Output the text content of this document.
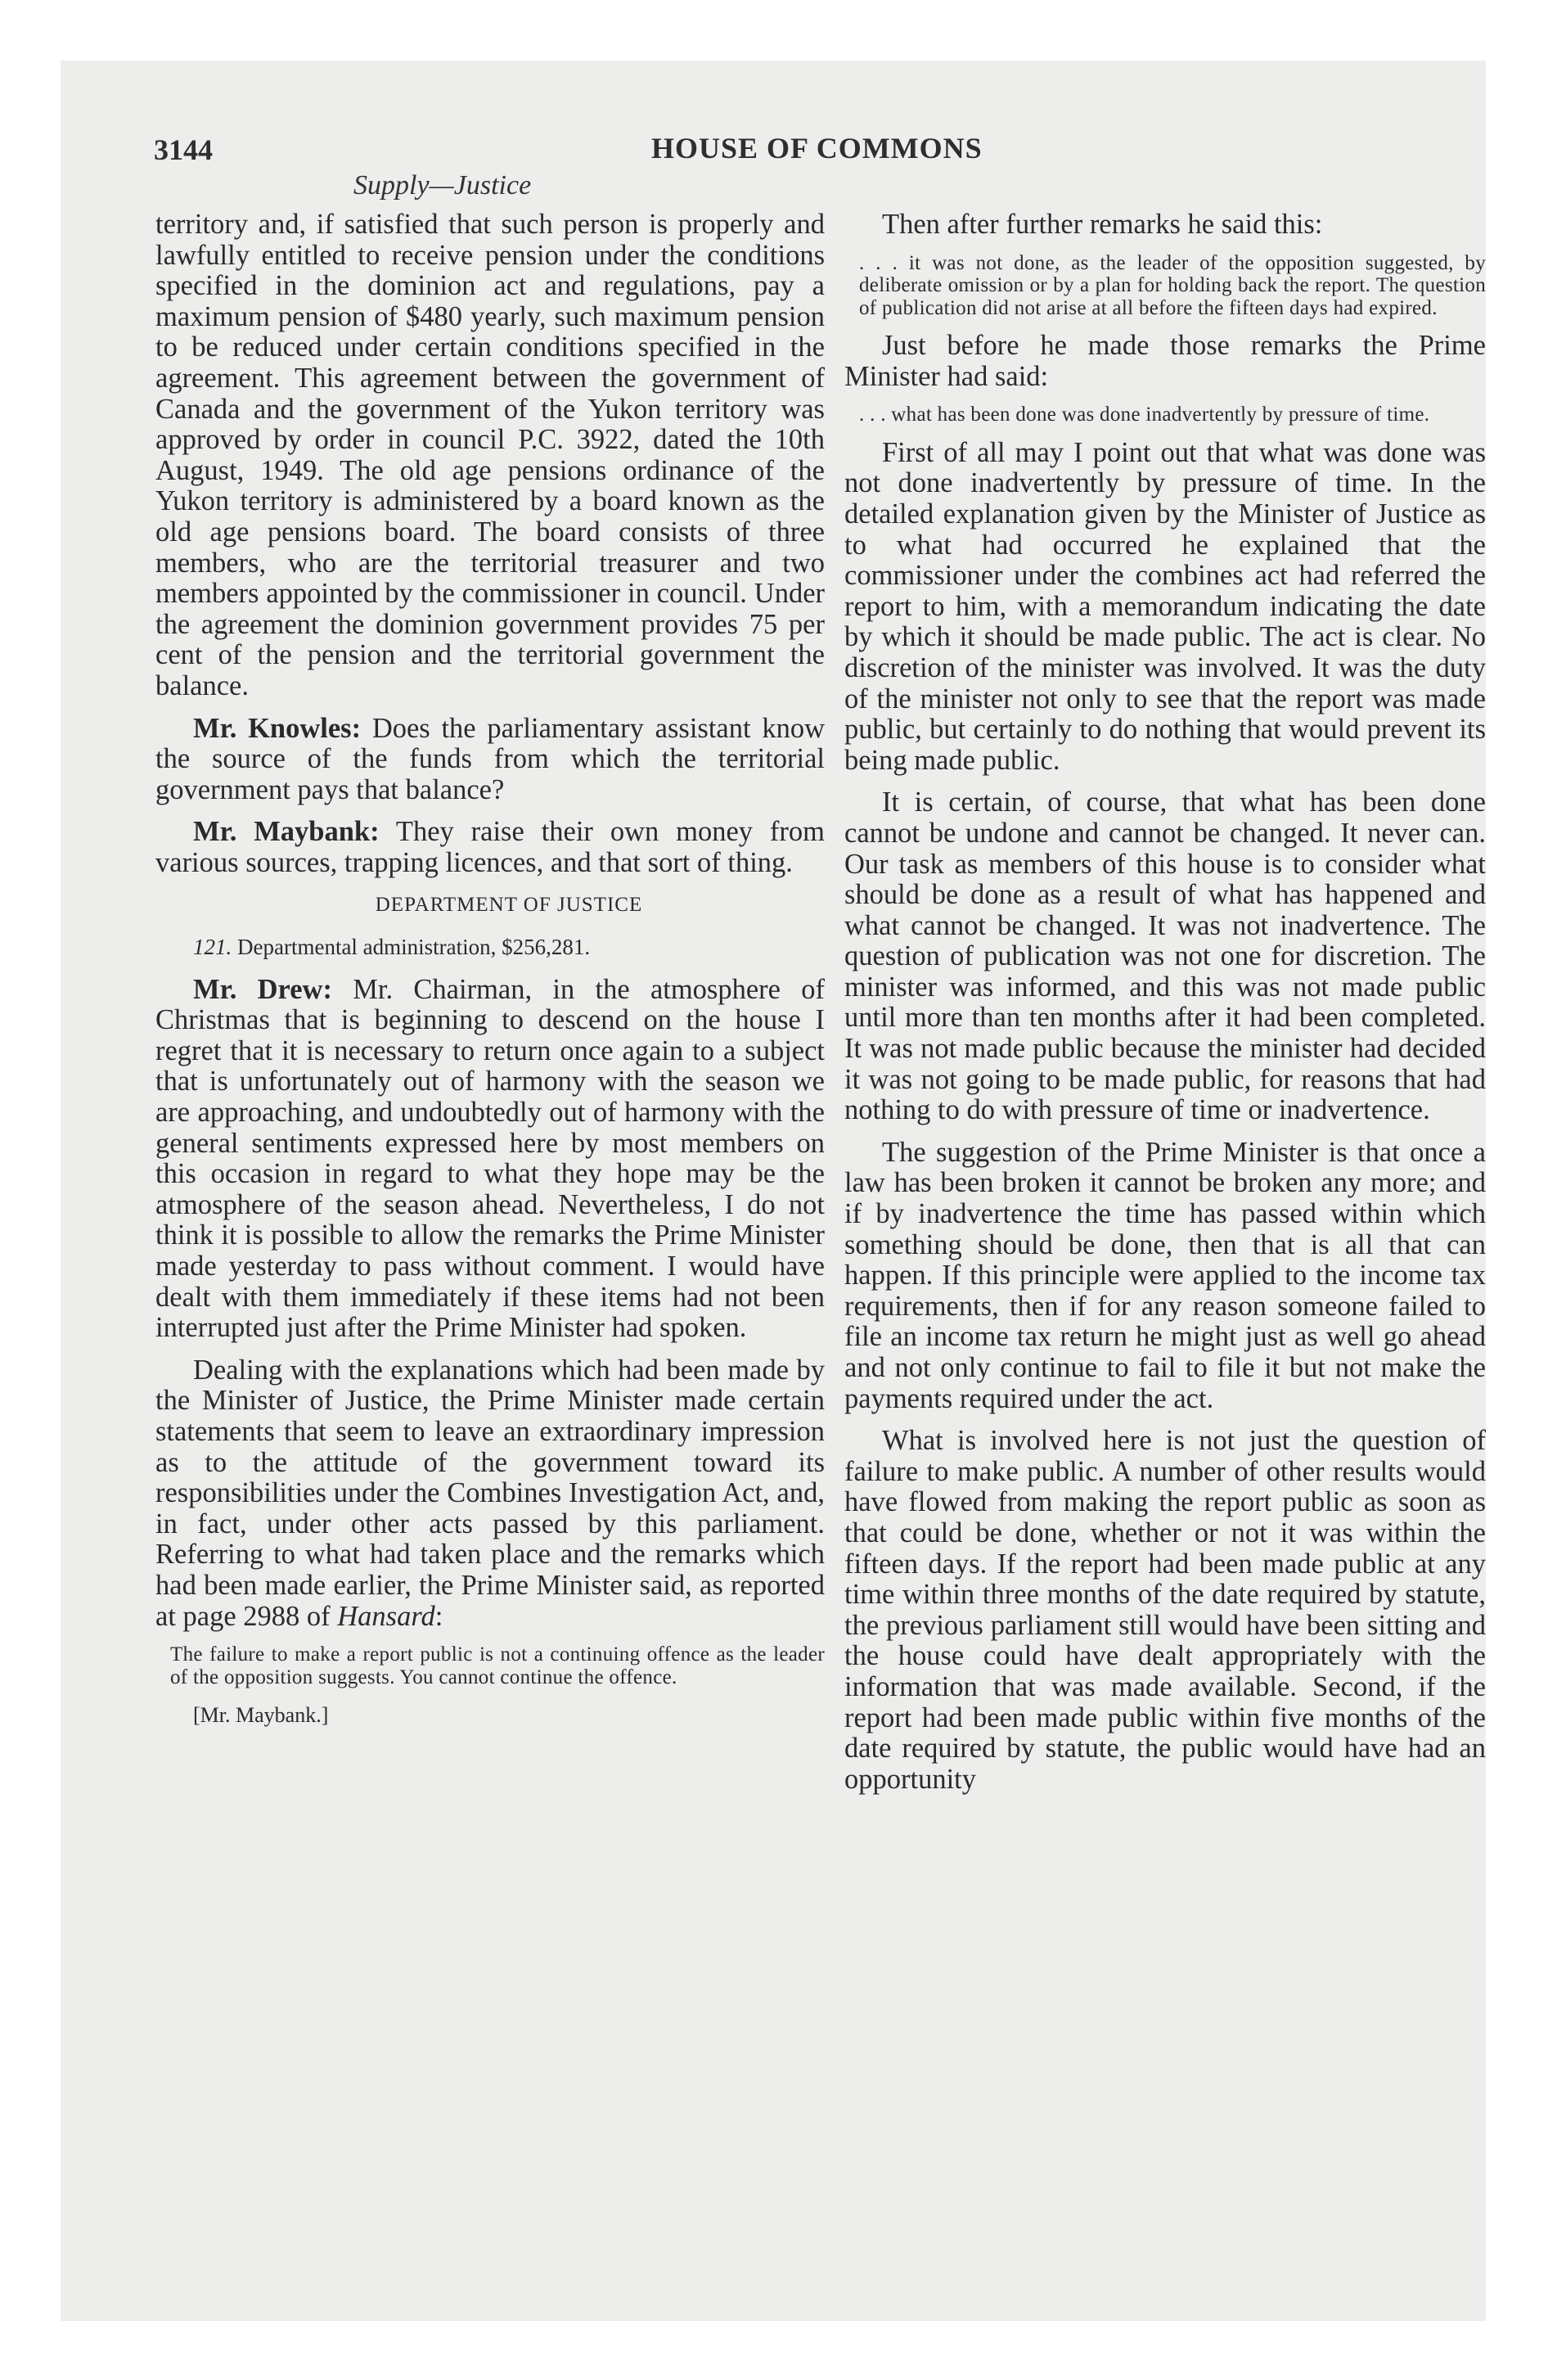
3144	HOUSE OF COMMONS
Supply—Justice

territory and, if satisfied that such person is properly and lawfully entitled to receive pension under the conditions specified in the dominion act and regulations, pay a maximum pension of $480 yearly, such maximum pension to be reduced under certain conditions specified in the agreement. This agreement between the government of Canada and the government of the Yukon territory was approved by order in council P.C. 3922, dated the 10th August, 1949. The old age pensions ordinance of the Yukon territory is administered by a board known as the old age pensions board. The board consists of three members, who are the territorial treasurer and two members appointed by the commissioner in council. Under the agreement the dominion government provides 75 per cent of the pension and the territorial government the balance.

Mr. Knowles: Does the parliamentary assistant know the source of the funds from which the territorial government pays that balance?

Mr. Maybank: They raise their own money from various sources, trapping licences, and that sort of thing.

DEPARTMENT OF JUSTICE

121. Departmental administration, $256,281.

Mr. Drew: Mr. Chairman, in the atmosphere of Christmas that is beginning to descend on the house I regret that it is necessary to return once again to a subject that is unfortunately out of harmony with the season we are approaching, and undoubtedly out of harmony with the general sentiments expressed here by most members on this occasion in regard to what they hope may be the atmosphere of the season ahead. Nevertheless, I do not think it is possible to allow the remarks the Prime Minister made yesterday to pass without comment. I would have dealt with them immediately if these items had not been interrupted just after the Prime Minister had spoken.

Dealing with the explanations which had been made by the Minister of Justice, the Prime Minister made certain statements that seem to leave an extraordinary impression as to the attitude of the government toward its responsibilities under the Combines Investigation Act, and, in fact, under other acts passed by this parliament. Referring to what had taken place and the remarks which had been made earlier, the Prime Minister said, as reported at page 2988 of Hansard:

The failure to make a report public is not a continuing offence as the leader of the opposition suggests. You cannot continue the offence.

[Mr. Maybank.]

Then after further remarks he said this:

. . . it was not done, as the leader of the opposition suggested, by deliberate omission or by a plan for holding back the report. The question of publication did not arise at all before the fifteen days had expired.

Just before he made those remarks the Prime Minister had said:

. . . what has been done was done inadvertently by pressure of time.

First of all may I point out that what was done was not done inadvertently by pressure of time. In the detailed explanation given by the Minister of Justice as to what had occurred he explained that the commissioner under the combines act had referred the report to him, with a memorandum indicating the date by which it should be made public. The act is clear. No discretion of the minister was involved. It was the duty of the minister not only to see that the report was made public, but certainly to do nothing that would prevent its being made public.

It is certain, of course, that what has been done cannot be undone and cannot be changed. It never can. Our task as members of this house is to consider what should be done as a result of what has happened and what cannot be changed. It was not inadvertence. The question of publication was not one for discretion. The minister was informed, and this was not made public until more than ten months after it had been completed. It was not made public because the minister had decided it was not going to be made public, for reasons that had nothing to do with pressure of time or inadvertence.

The suggestion of the Prime Minister is that once a law has been broken it cannot be broken any more; and if by inadvertence the time has passed within which something should be done, then that is all that can happen. If this principle were applied to the income tax requirements, then if for any reason someone failed to file an income tax return he might just as well go ahead and not only continue to fail to file it but not make the payments required under the act.

What is involved here is not just the question of failure to make public. A number of other results would have flowed from making the report public as soon as that could be done, whether or not it was within the fifteen days. If the report had been made public at any time within three months of the date required by statute, the previous parliament still would have been sitting and the house could have dealt appropriately with the information that was made available. Second, if the report had been made public within five months of the date required by statute, the public would have had an opportunity
